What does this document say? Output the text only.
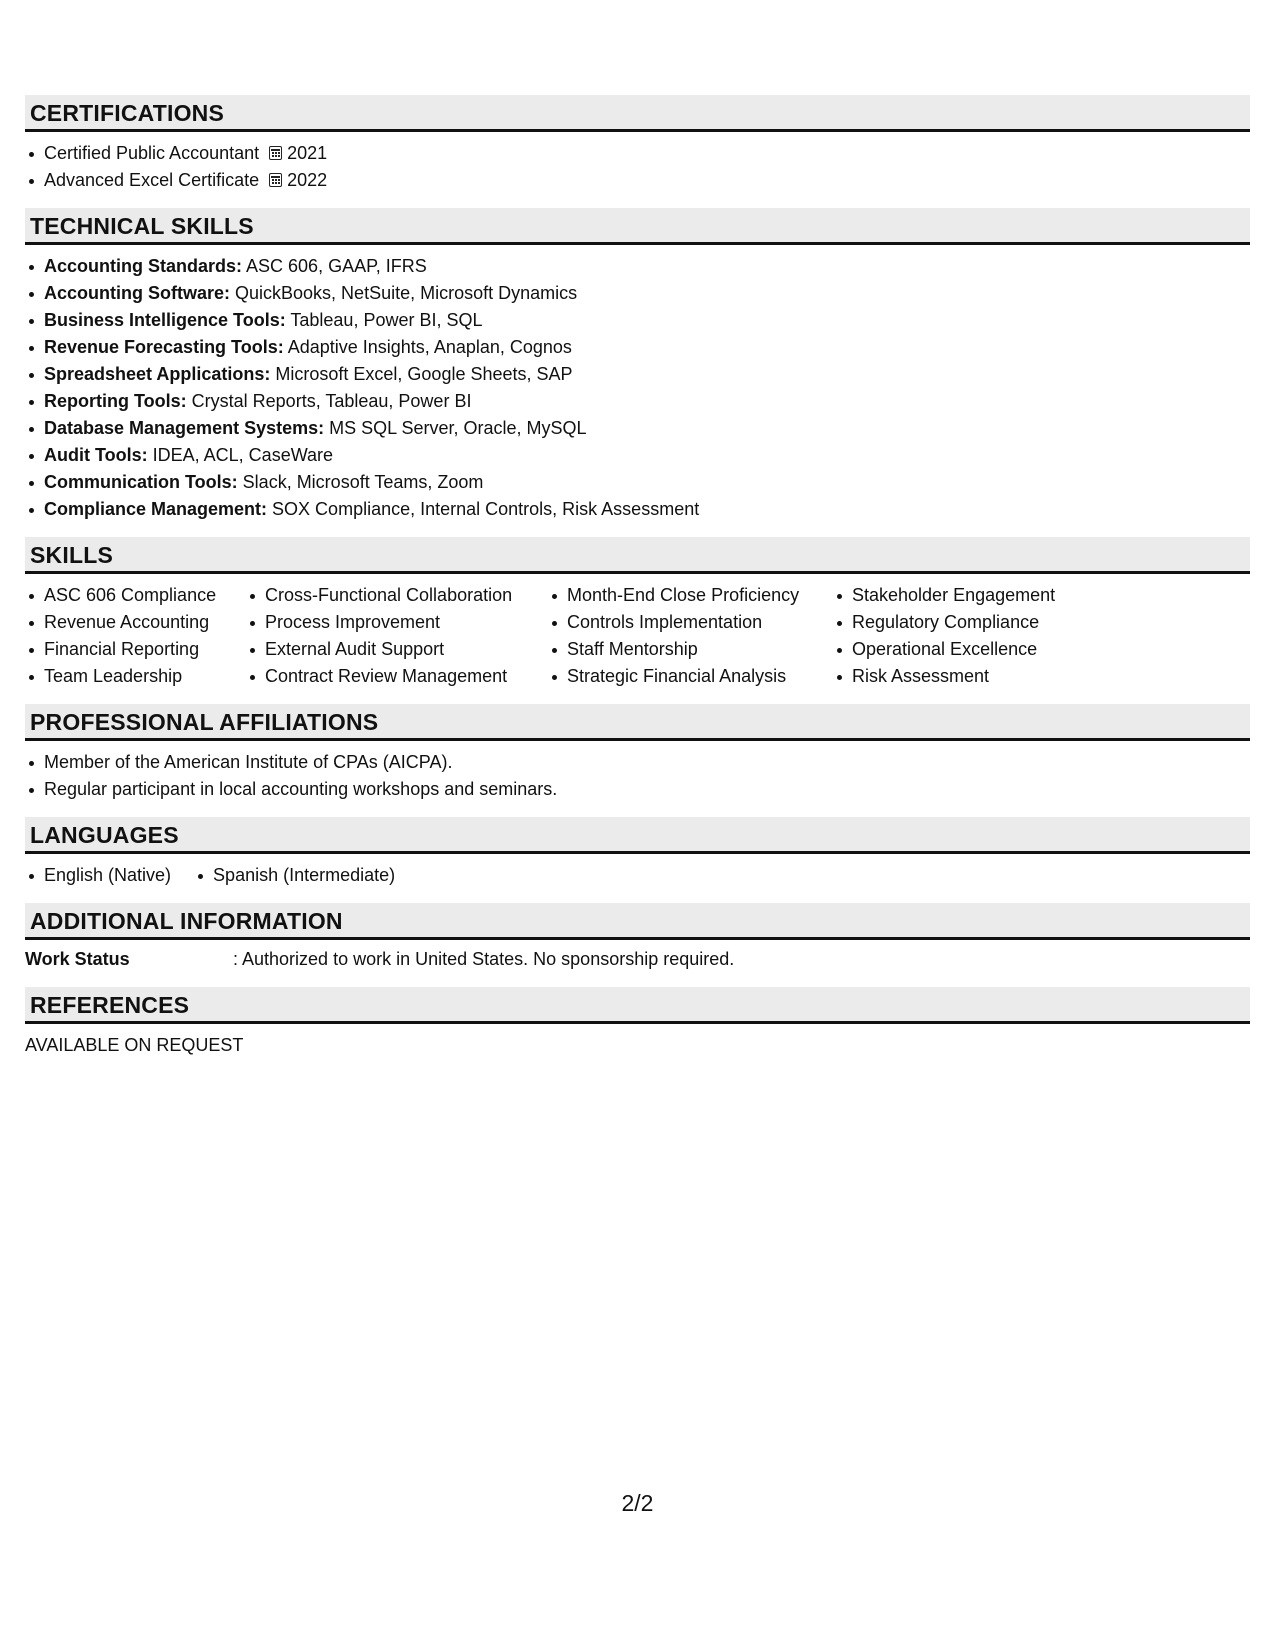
CERTIFICATIONS
Certified Public Accountant 2021
Advanced Excel Certificate 2022
TECHNICAL SKILLS
Accounting Standards: ASC 606, GAAP, IFRS
Accounting Software: QuickBooks, NetSuite, Microsoft Dynamics
Business Intelligence Tools: Tableau, Power BI, SQL
Revenue Forecasting Tools: Adaptive Insights, Anaplan, Cognos
Spreadsheet Applications: Microsoft Excel, Google Sheets, SAP
Reporting Tools: Crystal Reports, Tableau, Power BI
Database Management Systems: MS SQL Server, Oracle, MySQL
Audit Tools: IDEA, ACL, CaseWare
Communication Tools: Slack, Microsoft Teams, Zoom
Compliance Management: SOX Compliance, Internal Controls, Risk Assessment
SKILLS
ASC 606 Compliance
Revenue Accounting
Financial Reporting
Team Leadership
Cross-Functional Collaboration
Process Improvement
External Audit Support
Contract Review Management
Month-End Close Proficiency
Controls Implementation
Staff Mentorship
Strategic Financial Analysis
Stakeholder Engagement
Regulatory Compliance
Operational Excellence
Risk Assessment
PROFESSIONAL AFFILIATIONS
Member of the American Institute of CPAs (AICPA).
Regular participant in local accounting workshops and seminars.
LANGUAGES
English (Native)	Spanish (Intermediate)
ADDITIONAL INFORMATION
Work Status	: Authorized to work in United States. No sponsorship required.
REFERENCES
AVAILABLE ON REQUEST
2/2
